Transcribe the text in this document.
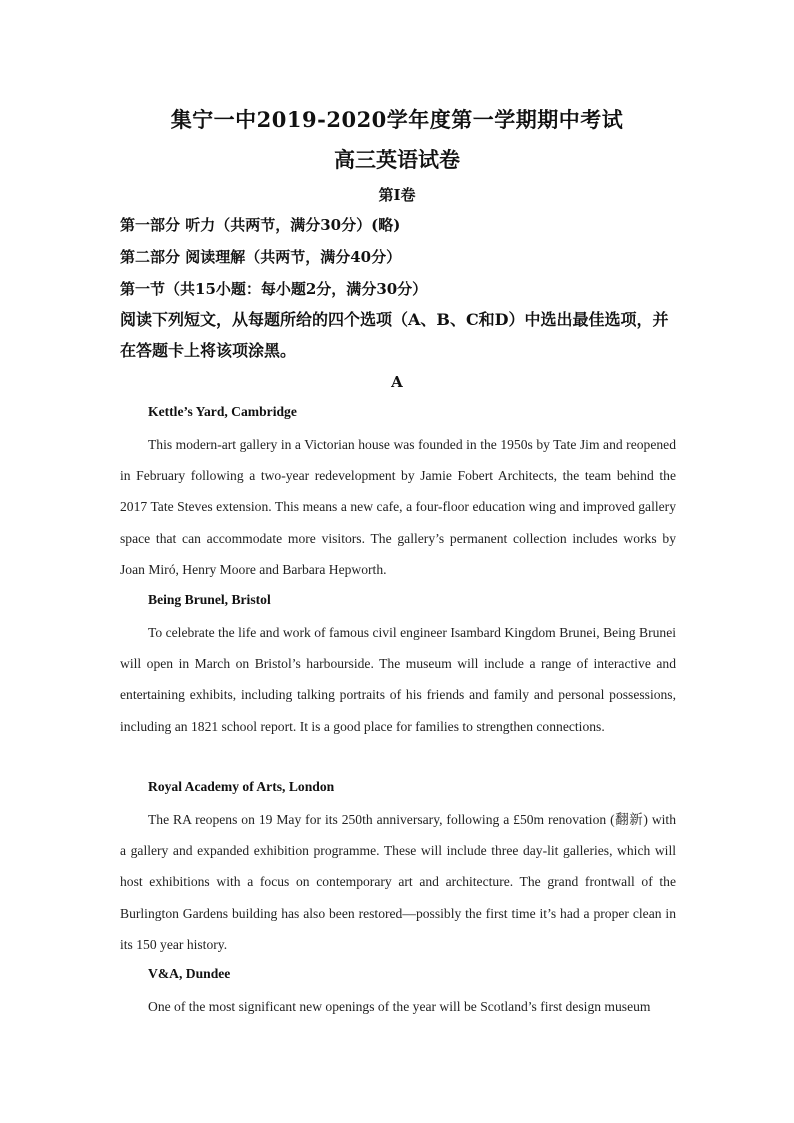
集宁一中2019-2020学年度第一学期期中考试
高三英语试卷
第Ⅰ卷
第一部分 听力（共两节，满分30分）(略)
第二部分 阅读理解（共两节，满分40分）
第一节（共15小题：每小题2分，满分30分）
阅读下列短文，从每题所给的四个选项（A、B、C和D）中选出最佳选项，并在答题卡上将该项涂黑。
A
Kettle’s Yard, Cambridge
This modern-art gallery in a Victorian house was founded in the 1950s by Tate Jim and reopened in February following a two-year redevelopment by Jamie Fobert Architects, the team behind the 2017 Tate Steves extension. This means a new cafe, a four-floor education wing and improved gallery space that can accommodate more visitors. The gallery’s permanent collection includes works by Joan Miró, Henry Moore and Barbara Hepworth.
Being Brunel, Bristol
To celebrate the life and work of famous civil engineer Isambard Kingdom Brunei, Being Brunei will open in March on Bristol’s harbourside. The museum will include a range of interactive and entertaining exhibits, including talking portraits of his friends and family and personal possessions, including an 1821 school report. It is a good place for families to strengthen connections.
Royal Academy of Arts, London
The RA reopens on 19 May for its 250th anniversary, following a £50m renovation (翻新) with a gallery and expanded exhibition programme. These will include three day-lit galleries, which will host exhibitions with a focus on contemporary art and architecture. The grand frontwall of the Burlington Gardens building has also been restored—possibly the first time it’s had a proper clean in its 150 year history.
V&A, Dundee
One of the most significant new openings of the year will be Scotland’s first design museum
